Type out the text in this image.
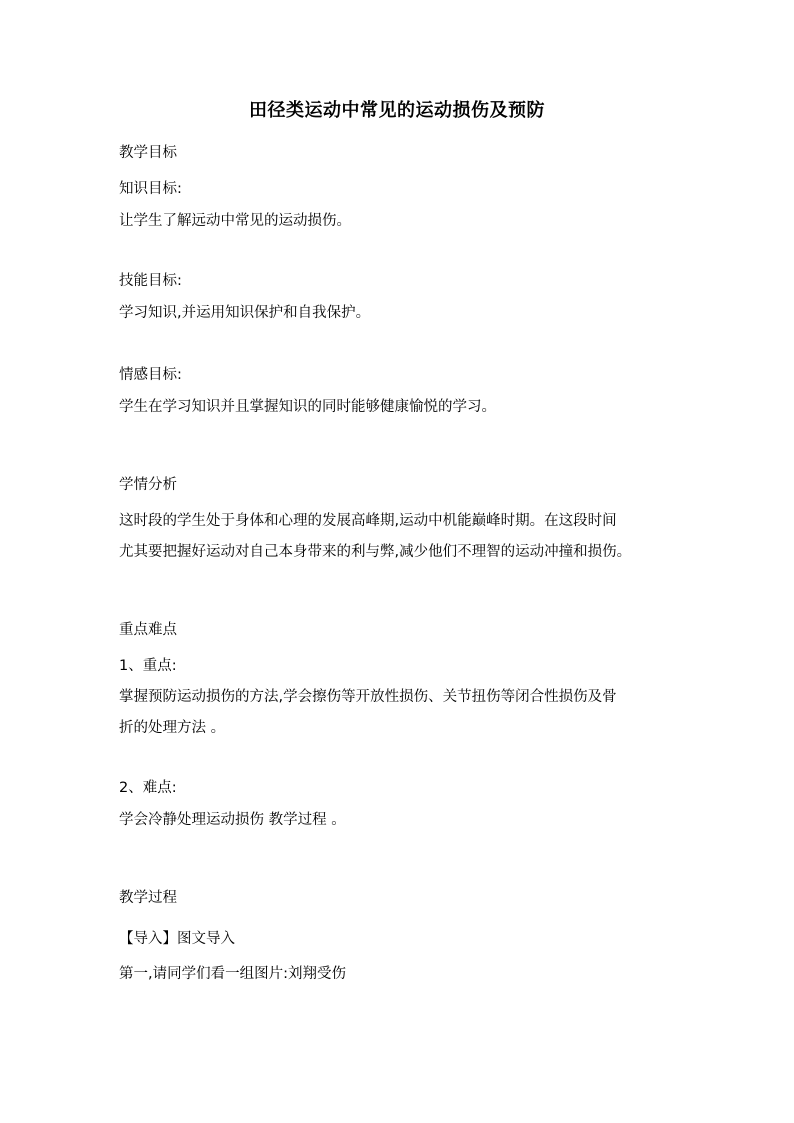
田径类运动中常见的运动损伤及预防
教学目标
知识目标:
让学生了解远动中常见的运动损伤。
技能目标:
学习知识,并运用知识保护和自我保护。
情感目标:
学生在学习知识并且掌握知识的同时能够健康愉悦的学习。
学情分析
这时段的学生处于身体和心理的发展高峰期,运动中机能巅峰时期。在这段时间
尤其要把握好运动对自己本身带来的利与弊,减少他们不理智的运动冲撞和损伤。
重点难点
1、重点:
掌握预防运动损伤的方法,学会擦伤等开放性损伤、关节扭伤等闭合性损伤及骨
折的处理方法 。
2、难点:
学会冷静处理运动损伤 教学过程 。
教学过程
【导入】图文导入
第一,请同学们看一组图片:刘翔受伤
